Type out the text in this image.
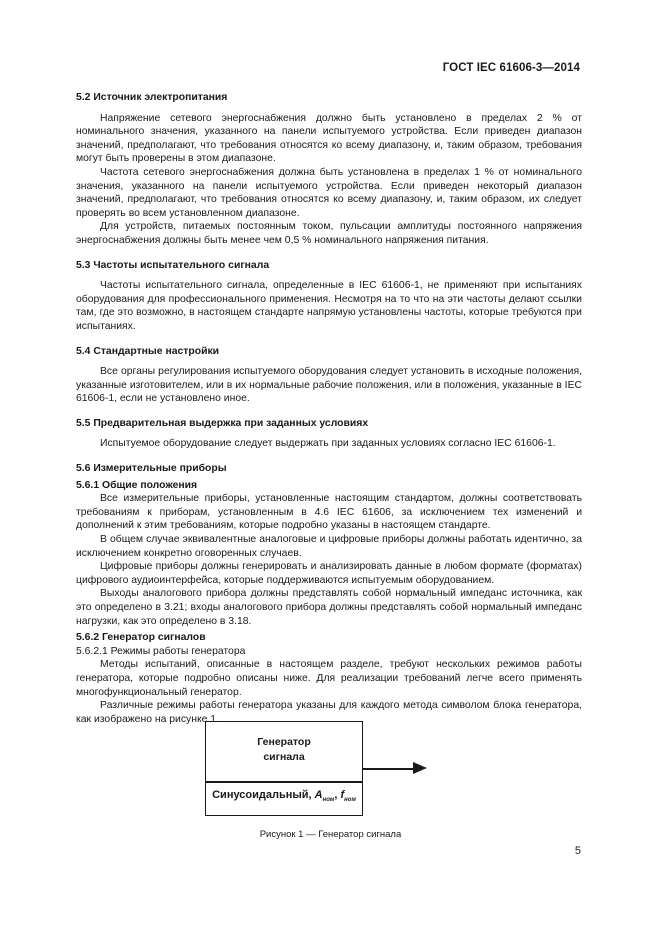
ГОСТ IEC 61606-3—2014

5.2 Источник электропитания

Напряжение сетевого энергоснабжения должно быть установлено в пределах 2 % от номинального значения, указанного на панели испытуемого устройства. Если приведен диапазон значений, предполагают, что требования относятся ко всему диапазону, и, таким образом, требования могут быть проверены в этом диапазоне.

Частота сетевого энергоснабжения должна быть установлена в пределах 1 % от номинального значения, указанного на панели испытуемого устройства. Если приведен некоторый диапазон значений, предполагают, что требования относятся ко всему диапазону, и, таким образом, их следует проверять во всем установленном диапазоне.

Для устройств, питаемых постоянным током, пульсации амплитуды постоянного напряжения энергоснабжения должны быть менее чем 0,5 % номинального напряжения питания.

5.3 Частоты испытательного сигнала

Частоты испытательного сигнала, определенные в IEC 61606-1, не применяют при испытаниях оборудования для профессионального применения. Несмотря на то что на эти частоты делают ссылки там, где это возможно, в настоящем стандарте напрямую установлены частоты, которые требуются при испытаниях.

5.4 Стандартные настройки

Все органы регулирования испытуемого оборудования следует установить в исходные положения, указанные изготовителем, или в их нормальные рабочие положения, или в положения, указанные в IEC 61606-1, если не установлено иное.

5.5 Предварительная выдержка при заданных условиях

Испытуемое оборудование следует выдержать при заданных условиях согласно IEC 61606-1.

5.6 Измерительные приборы

5.6.1 Общие положения

Все измерительные приборы, установленные настоящим стандартом, должны соответствовать требованиям к приборам, установленным в 4.6 IEC 61606, за исключением тех изменений и дополнений к этим требованиям, которые подробно указаны в настоящем стандарте.

В общем случае эквивалентные аналоговые и цифровые приборы должны работать идентично, за исключением конкретно оговоренных случаев.

Цифровые приборы должны генерировать и анализировать данные в любом формате (форматах) цифрового аудиоинтерфейса, которые поддерживаются испытуемым оборудованием.

Выходы аналогового прибора должны представлять собой нормальный импеданс источника, как это определено в 3.21; входы аналогового прибора должны представлять собой нормальный импеданс нагрузки, как это определено в 3.18.

5.6.2 Генератор сигналов

5.6.2.1 Режимы работы генератора

Методы испытаний, описанные в настоящем разделе, требуют нескольких режимов работы генератора, которые подробно описаны ниже. Для реализации требований легче всего применять многофункциональный генератор.

Различные режимы работы генератора указаны для каждого метода символом блока генератора, как изображено на рисунке 1.

Генератор
сигнала
Синусоидальный, $A_{ном}$, $f_{ном}$
Рисунок 1 — Генератор сигнала
5
